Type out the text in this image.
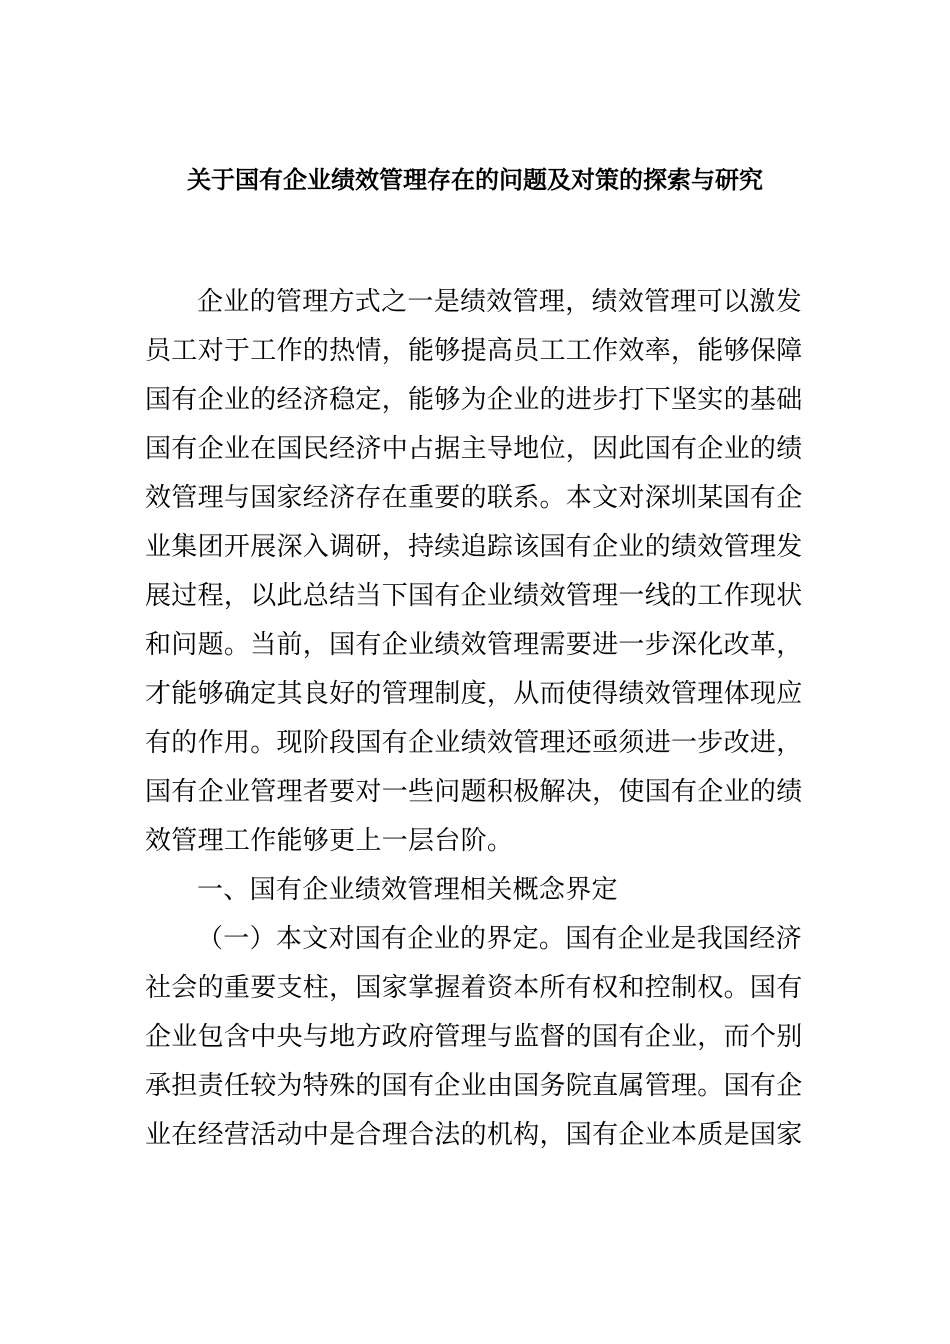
关于国有企业绩效管理存在的问题及对策的探索与研究
企业的管理方式之一是绩效管理，绩效管理可以激发
员工对于工作的热情，能够提高员工工作效率，能够保障
国有企业的经济稳定，能够为企业的进步打下坚实的基础
国有企业在国民经济中占据主导地位，因此国有企业的绩
效管理与国家经济存在重要的联系。本文对深圳某国有企
业集团开展深入调研，持续追踪该国有企业的绩效管理发
展过程，以此总结当下国有企业绩效管理一线的工作现状
和问题。当前，国有企业绩效管理需要进一步深化改革，
才能够确定其良好的管理制度，从而使得绩效管理体现应
有的作用。现阶段国有企业绩效管理还亟须进一步改进，
国有企业管理者要对一些问题积极解决，使国有企业的绩
效管理工作能够更上一层台阶。
一、国有企业绩效管理相关概念界定
（一）本文对国有企业的界定。国有企业是我国经济
社会的重要支柱，国家掌握着资本所有权和控制权。国有
企业包含中央与地方政府管理与监督的国有企业，而个别
承担责任较为特殊的国有企业由国务院直属管理。国有企
业在经营活动中是合理合法的机构，国有企业本质是国家
